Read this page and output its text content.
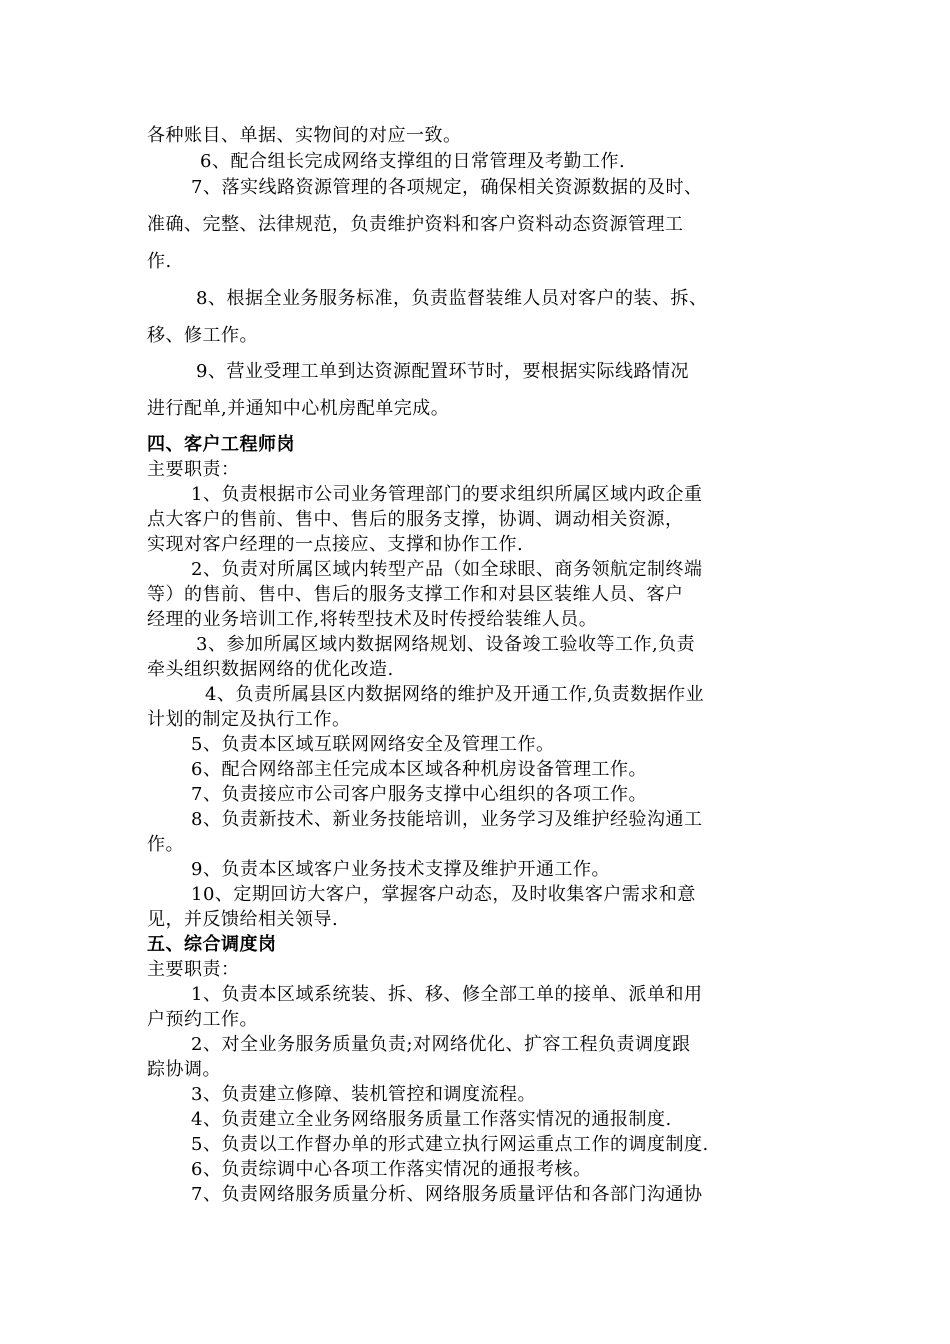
各种账目、单据、实物间的对应一致。
6、配合组长完成网络支撑组的日常管理及考勤工作.
7、落实线路资源管理的各项规定，确保相关资源数据的及时、
准确、完整、法律规范，负责维护资料和客户资料动态资源管理工
作.
8、根据全业务服务标准，负责监督装维人员对客户的装、拆、
移、修工作。
9、营业受理工单到达资源配置环节时，要根据实际线路情况
进行配单,并通知中心机房配单完成。
四、客户工程师岗
主要职责：
1、负责根据市公司业务管理部门的要求组织所属区域内政企重
点大客户的售前、售中、售后的服务支撑，协调、调动相关资源，
实现对客户经理的一点接应、支撑和协作工作.
2、负责对所属区域内转型产品（如全球眼、商务领航定制终端
等）的售前、售中、售后的服务支撑工作和对县区装维人员、客户
经理的业务培训工作,将转型技术及时传授给装维人员。
3、参加所属区域内数据网络规划、设备竣工验收等工作,负责
牵头组织数据网络的优化改造.
4、负责所属县区内数据网络的维护及开通工作,负责数据作业
计划的制定及执行工作。
5、负责本区域互联网网络安全及管理工作。
6、配合网络部主任完成本区域各种机房设备管理工作。
7、负责接应市公司客户服务支撑中心组织的各项工作。
8、负责新技术、新业务技能培训，业务学习及维护经验沟通工
作。
9、负责本区域客户业务技术支撑及维护开通工作。
10、定期回访大客户，掌握客户动态，及时收集客户需求和意
见，并反馈给相关领导.
五、综合调度岗
主要职责：
1、负责本区域系统装、拆、移、修全部工单的接单、派单和用
户预约工作。
2、对全业务服务质量负责;对网络优化、扩容工程负责调度跟
踪协调。
3、负责建立修障、装机管控和调度流程。
4、负责建立全业务网络服务质量工作落实情况的通报制度.
5、负责以工作督办单的形式建立执行网运重点工作的调度制度.
6、负责综调中心各项工作落实情况的通报考核。
7、负责网络服务质量分析、网络服务质量评估和各部门沟通协
